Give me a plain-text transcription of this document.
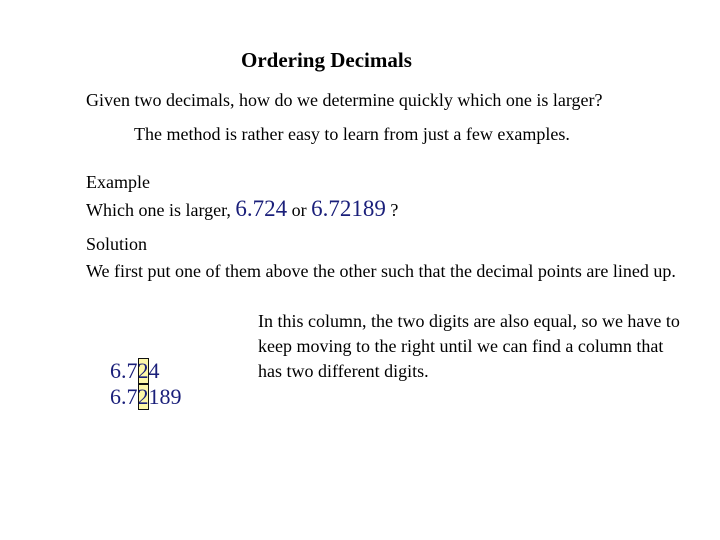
Ordering Decimals
Given two decimals, how do we determine quickly which one is larger?
The method is rather easy to learn from just a few examples.
Example
Which one is larger, 6.724 or 6.72189 ?
Solution
We first put one of them above the other such that the decimal points are lined up.
In this column, the two digits are also equal, so we have to keep moving to the right until we can find a column that has two different digits.
6.724
6.72189
